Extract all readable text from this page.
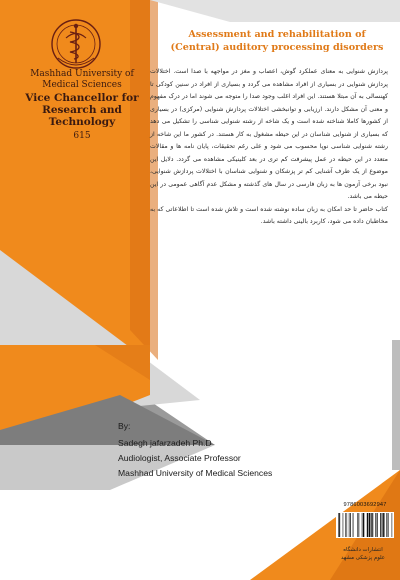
Mashhad University of
Medical Sciences
Vice Chancellor for
Research and Technology
615
Assessment and rehabilitation of
(Central) auditory processing disorders

پردازش شنوایی به معنای عملکرد گوش، اعصاب و مغز در مواجهه با صدا است. اختلالات پردازش شنوایی در بسیاری از افراد مشاهده می گردد و بسیاری از افراد در سنین کودکی تا کهنسالی به آن مبتلا هستند. این افراد اغلب وجود صدا را متوجه می شوند اما در درک مفهوم و معنی آن مشکل دارند. ارزیابی و توانبخشی اختلالات پردازش شنوایی (مرکزی) در بسیاری از کشورها کاملا شناخته شده است و یک شاخه از رشته شنوایی شناسی را تشکیل می دهد که بسیاری از شنوایی شناسان در این حیطه مشغول به کار هستند. در کشور ما این شاخه از رشته شنوایی شناسی نوپا محسوب می شود و علی رغم تحقیقات، پایان نامه ها و مقالات متعدد در این حیطه در عمل پیشرفت کم تری در بعد کلینیکی مشاهده می گردد. دلایل این موضوع از یک طرف آشنایی کم تر پزشکان و شنوایی شناسان با اختلالات پردازش شنوایی، نبود برخی آزمون ها به زبان فارسی در سال های گذشته و مشکل عدم آگاهی عمومی در این حیطه می باشد.

کتاب حاضر تا حد امکان به زبان ساده نوشته شده است و تلاش شده است تا اطلاعاتی که به مخاطبان داده می شود، کاربرد بالینی داشته باشد.

By:
Sadegh jafarzadeh Ph.D
Audiologist, Associate Professor
Mashhad University of Medical Sciences
9786003692947
انتشارات دانشگاه
علوم پزشکی مشهد
